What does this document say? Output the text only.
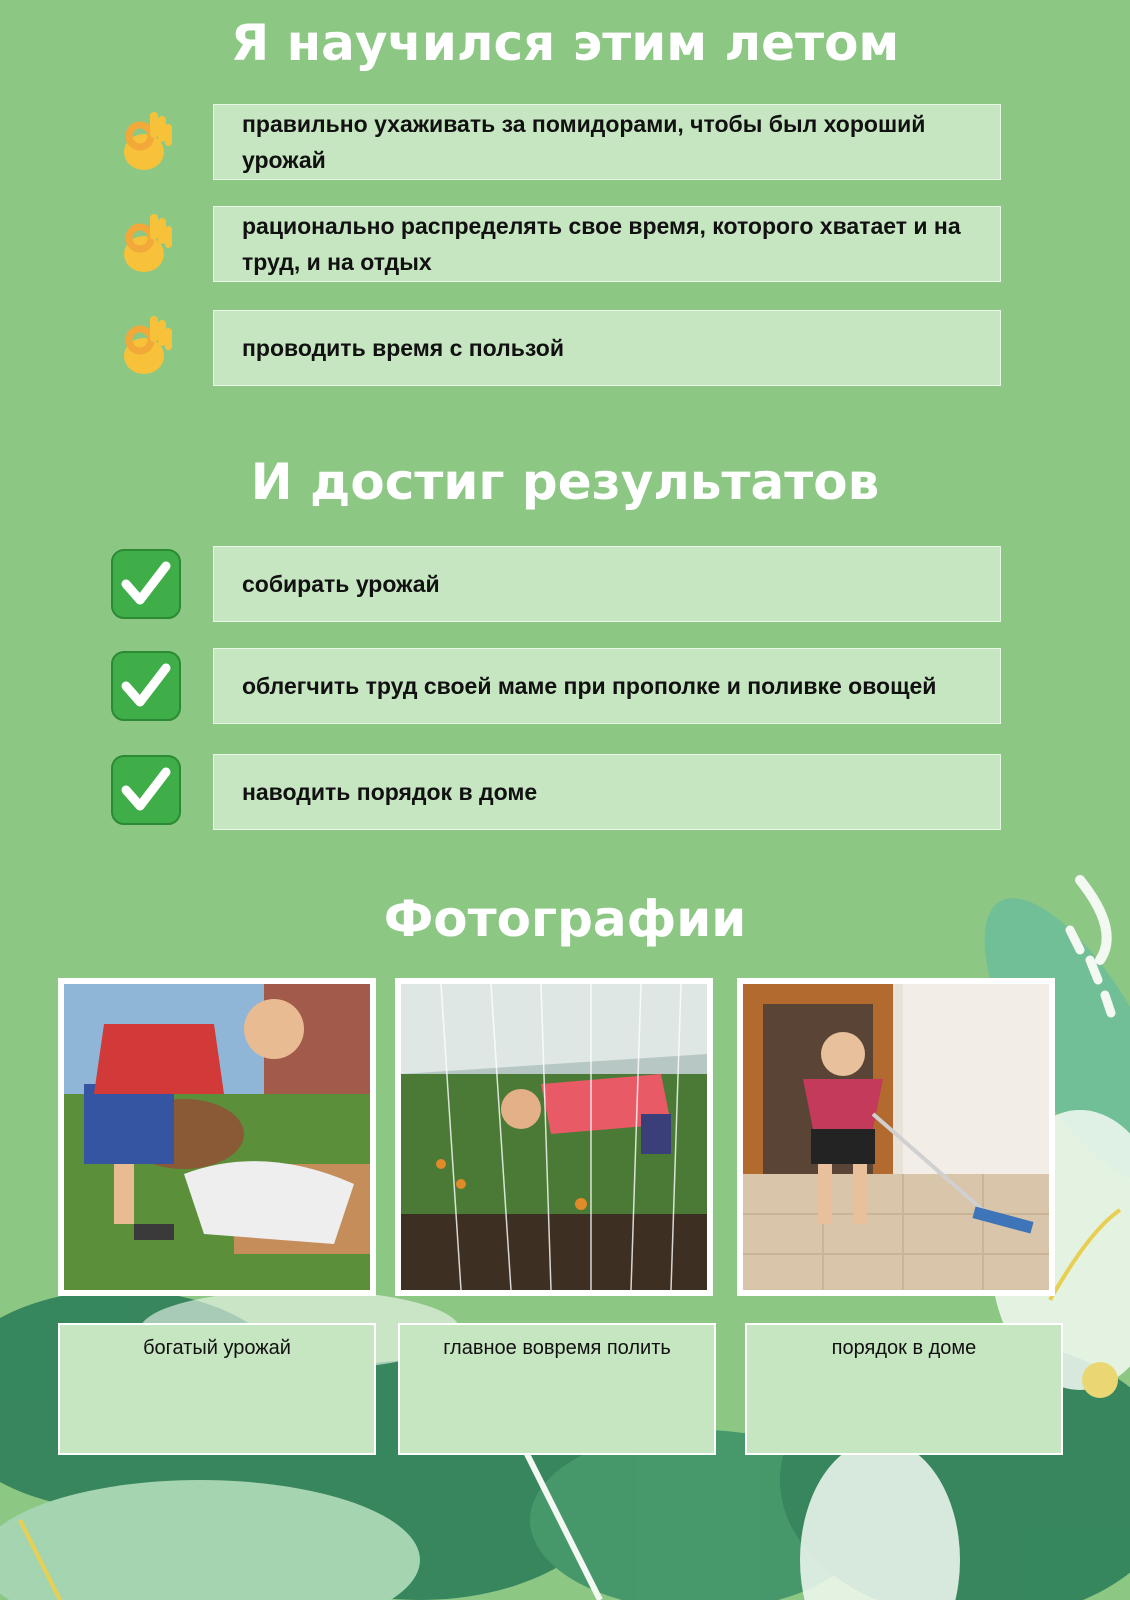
Я научился этим летом
правильно ухаживать за помидорами, чтобы был хороший урожай
рационально распределять свое время, которого хватает и на труд, и на отдых
проводить время с пользой
И достиг результатов
собирать урожай
облегчить труд своей маме при прополке и поливке овощей
наводить порядок в доме
Фотографии
богатый урожай	главное вовремя полить	порядок в доме
